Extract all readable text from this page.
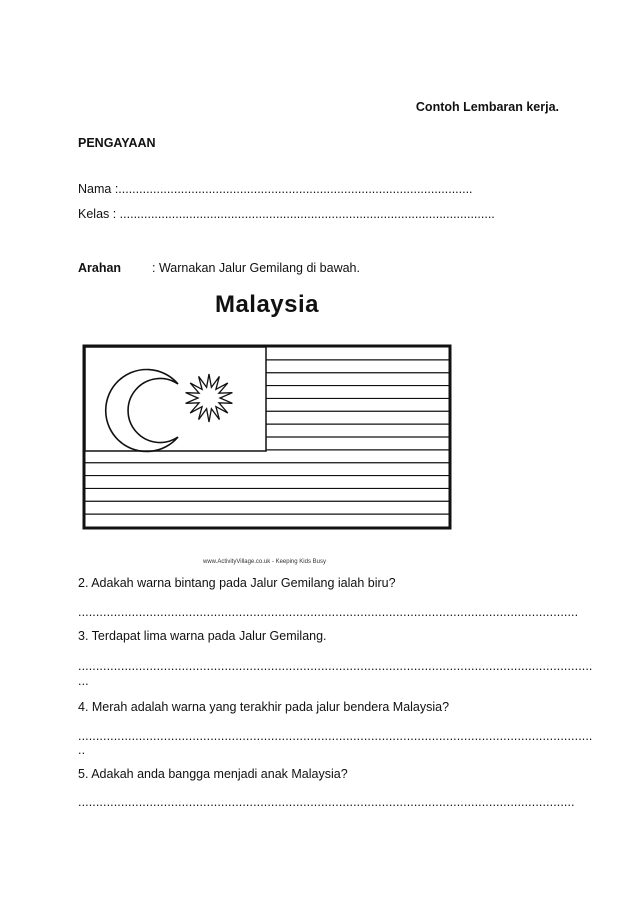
Contoh Lembaran kerja.
PENGAYAAN
Nama :......................................................................................................
Kelas : ............................................................................................................
Arahan : Warnakan Jalur Gemilang di bawah.
Malaysia
www.ActivityVillage.co.uk - Keeping Kids Busy
2. Adakah warna bintang pada Jalur Gemilang ialah biru?
............................................................................................................................................
3. Terdapat lima warna pada Jalur Gemilang.
................................................................................................................................................
...
4. Merah adalah warna yang terakhir pada jalur bendera Malaysia?
................................................................................................................................................
..
5. Adakah anda bangga menjadi anak Malaysia?
...........................................................................................................................................
